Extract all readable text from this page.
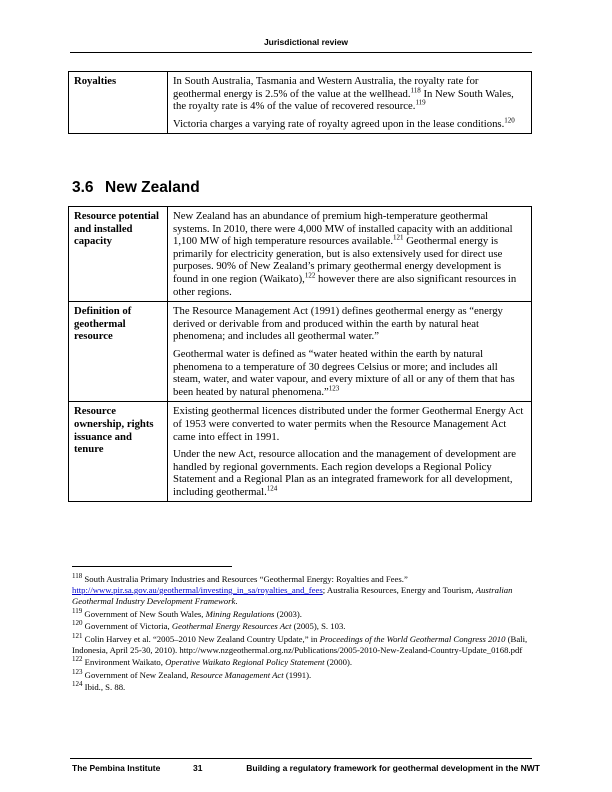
Jurisdictional review
Royalties	In South Australia, Tasmania and Western Australia, the royalty rate for geothermal energy is 2.5% of the value at the wellhead.$^{118}$ In New South Wales, the royalty rate is 4% of the value of recovered resource.$^{119}$

Victoria charges a varying rate of royalty agreed upon in the lease conditions.$^{120}$

3.6 New Zealand
Resource potential and installed capacity	New Zealand has an abundance of premium high-temperature geothermal systems. In 2010, there were 4,000 MW of installed capacity with an additional 1,100 MW of high temperature resources available.$^{121}$ Geothermal energy is primarily for electricity generation, but is also extensively used for direct use purposes. 90% of New Zealand’s primary geothermal energy development is found in one region (Waikato),$^{122}$ however there are also significant resources in other regions.

Definition of geothermal resource	The Resource Management Act (1991) defines geothermal energy as “energy derived or derivable from and produced within the earth by natural heat phenomena; and includes all geothermal water.”

Geothermal water is defined as “water heated within the earth by natural phenomena to a temperature of 30 degrees Celsius or more; and includes all steam, water, and water vapour, and every mixture of all or any of them that has been heated by natural phenomena.”$^{123}$

Resource ownership, rights issuance and tenure	Existing geothermal licences distributed under the former Geothermal Energy Act of 1953 were converted to water permits when the Resource Management Act came into effect in 1991.

Under the new Act, resource allocation and the management of development are handled by regional governments. Each region develops a Regional Policy Statement and a Regional Plan as an integrated framework for all development, including geothermal.$^{124}$

$^{118}$ South Australia Primary Industries and Resources “Geothermal Energy: Royalties and Fees.” http://www.pir.sa.gov.au/geothermal/investing_in_sa/royalties_and_fees; Australia Resources, Energy and Tourism, Australian Geothermal Industry Development Framework.

$^{119}$ Government of New South Wales, Mining Regulations (2003).

$^{120}$ Government of Victoria, Geothermal Energy Resources Act (2005), S. 103.

$^{121}$ Colin Harvey et al. “2005–2010 New Zealand Country Update,” in Proceedings of the World Geothermal Congress 2010 (Bali, Indonesia, April 25-30, 2010). http://www.nzgeothermal.org.nz/Publications/2005-2010-New-Zealand-Country-Update_0168.pdf

$^{122}$ Environment Waikato, Operative Waikato Regional Policy Statement (2000).

$^{123}$ Government of New Zealand, Resource Management Act (1991).

$^{124}$ Ibid., S. 88.

The Pembina Institute	31	Building a regulatory framework for geothermal development in the NWT
